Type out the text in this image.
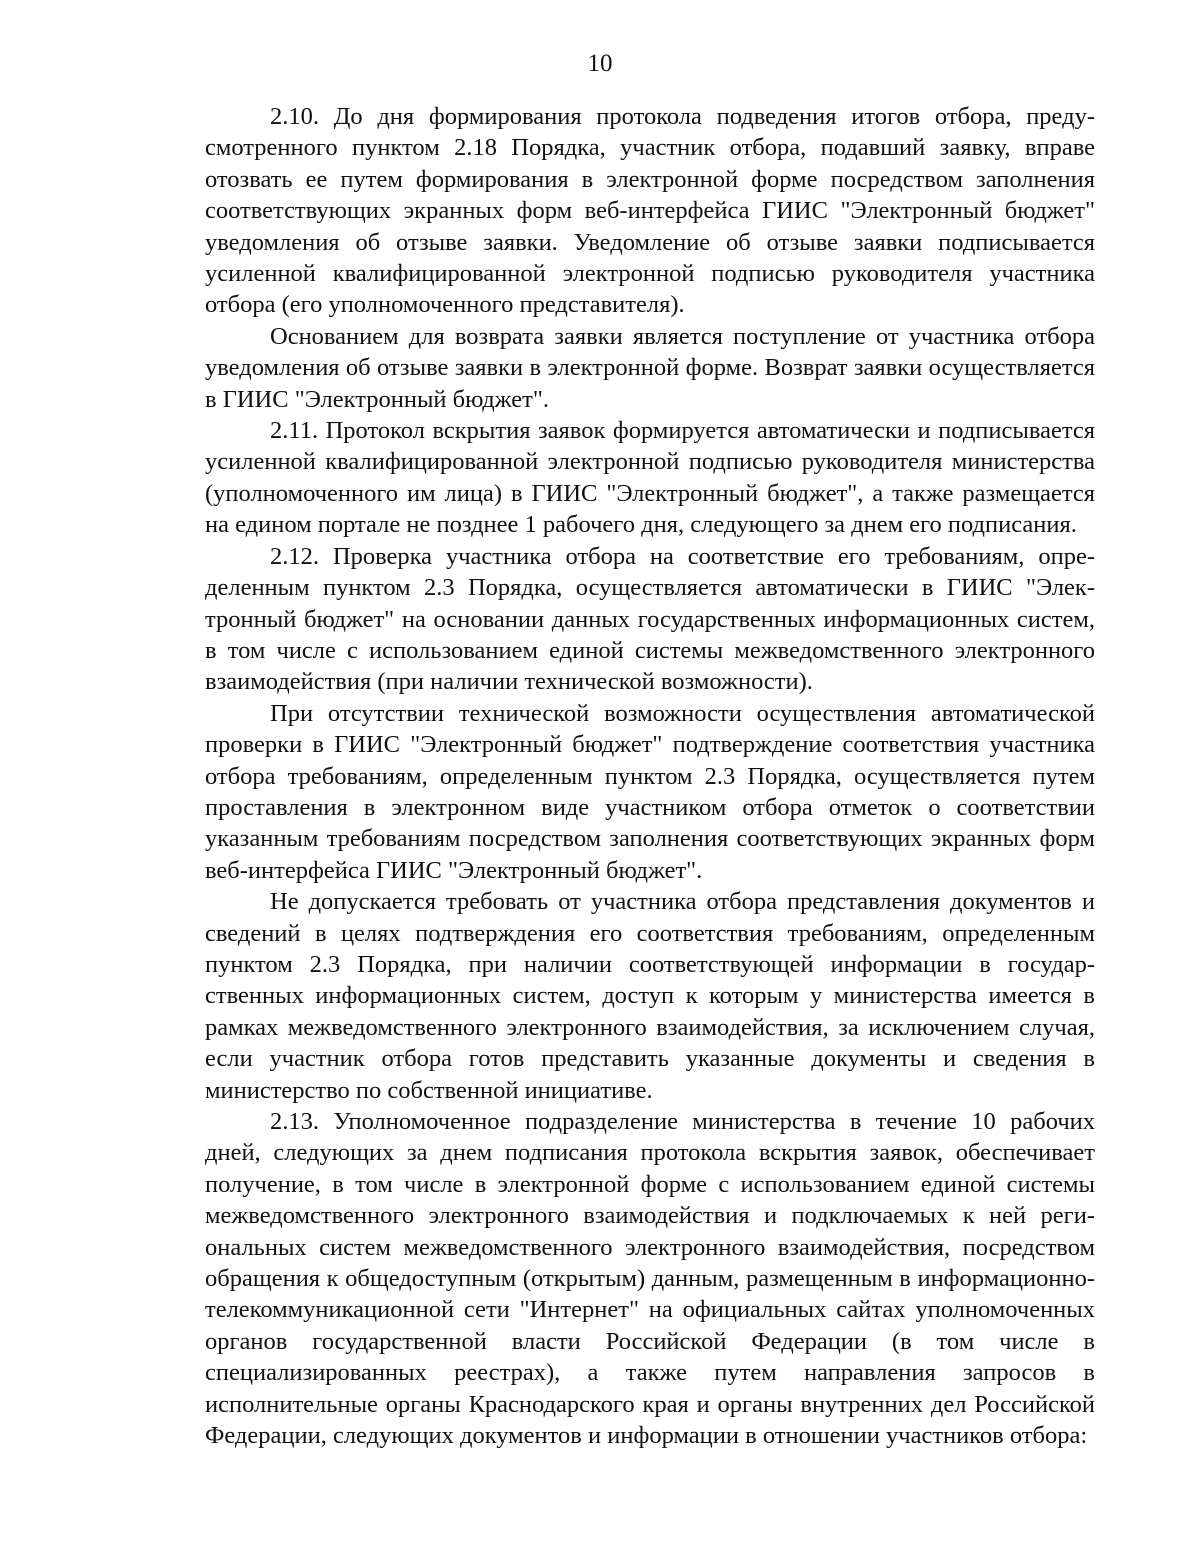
10

2.10. До дня формирования протокола подведения итогов отбора, предусмотренного пунктом 2.18 Порядка, участник отбора, подавший заявку, вправе отозвать ее путем формирования в электронной форме посредством заполнения соответствующих экранных форм веб-интерфейса ГИИС "Электронный бюджет" уведомления об отзыве заявки. Уведомление об отзыве заявки подписывается усиленной квалифицированной электронной подписью руководителя участника отбора (его уполномоченного представителя).

Основанием для возврата заявки является поступление от участника отбора уведомления об отзыве заявки в электронной форме. Возврат заявки осуществляется в ГИИС "Электронный бюджет".

2.11. Протокол вскрытия заявок формируется автоматически и подписывается усиленной квалифицированной электронной подписью руководителя министерства (уполномоченного им лица) в ГИИС "Электронный бюджет", а также размещается на едином портале не позднее 1 рабочего дня, следующего за днем его подписания.

2.12. Проверка участника отбора на соответствие его требованиям, определенным пунктом 2.3 Порядка, осуществляется автоматически в ГИИС "Электронный бюджет" на основании данных государственных информационных систем, в том числе с использованием единой системы межведомственного электронного взаимодействия (при наличии технической возможности).

При отсутствии технической возможности осуществления автоматической проверки в ГИИС "Электронный бюджет" подтверждение соответствия участника отбора требованиям, определенным пунктом 2.3 Порядка, осуществляется путем проставления в электронном виде участником отбора отметок о соответствии указанным требованиям посредством заполнения соответствующих экранных форм веб-интерфейса ГИИС "Электронный бюджет".

Не допускается требовать от участника отбора представления документов и сведений в целях подтверждения его соответствия требованиям, определенным пунктом 2.3 Порядка, при наличии соответствующей информации в государственных информационных систем, доступ к которым у министерства имеется в рамках межведомственного электронного взаимодействия, за исключением случая, если участник отбора готов представить указанные документы и сведения в министерство по собственной инициативе.

2.13. Уполномоченное подразделение министерства в течение 10 рабочих дней, следующих за днем подписания протокола вскрытия заявок, обеспечивает получение, в том числе в электронной форме с использованием единой системы межведомственного электронного взаимодействия и подключаемых к ней региональных систем межведомственного электронного взаимодействия, посредством обращения к общедоступным (открытым) данным, размещенным в информационно-телекоммуникационной сети "Интернет" на официальных сайтах уполномоченных органов государственной власти Российской Федерации (в том числе в специализированных реестрах), а также путем направления запросов в исполнительные органы Краснодарского края и органы внутренних дел Российской Федерации, следующих документов и информации в отношении участников отбора:
